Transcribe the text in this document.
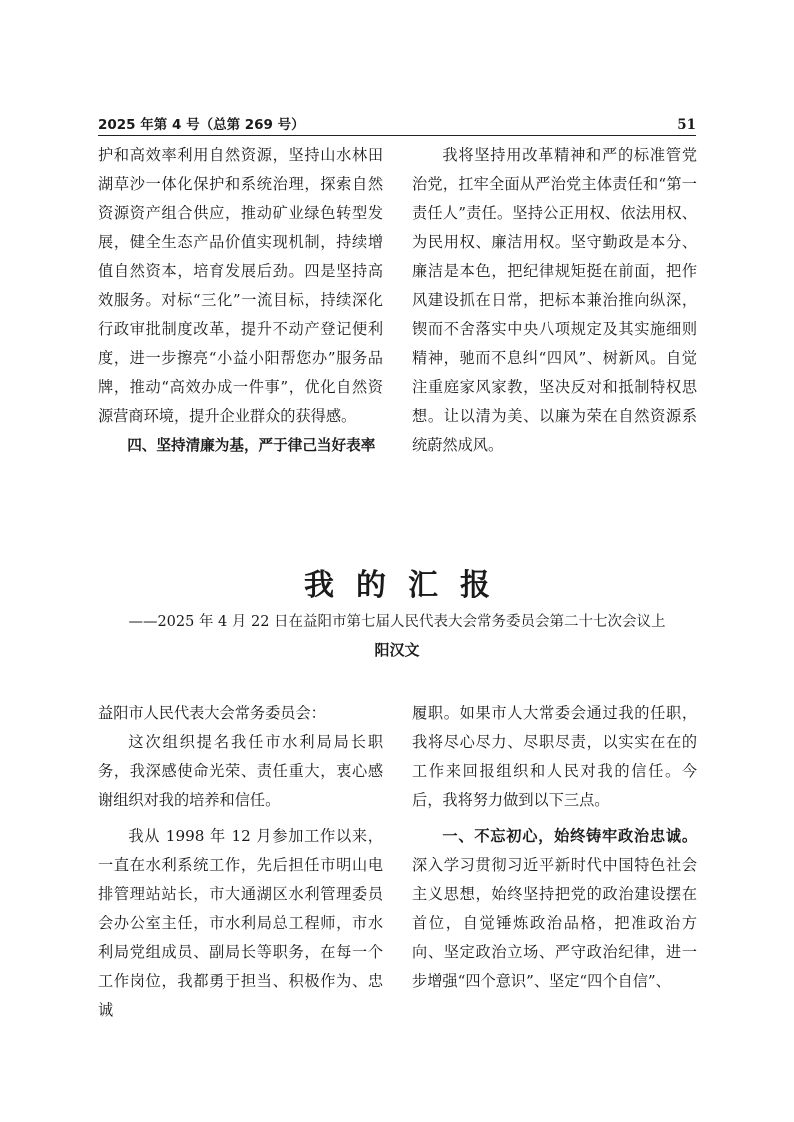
2025 年第 4 号（总第 269 号）	51

护和高效率利用自然资源，坚持山水林田湖草沙一体化保护和系统治理，探索自然资源资产组合供应，推动矿业绿色转型发展，健全生态产品价值实现机制，持续增值自然资本，培育发展后劲。四是坚持高效服务。对标“三化”一流目标，持续深化行政审批制度改革，提升不动产登记便利度，进一步擦亮“小益小阳帮您办”服务品牌，推动“高效办成一件事”，优化自然资源营商环境，提升企业群众的获得感。

四、坚持清廉为基，严于律己当好表率

我将坚持用改革精神和严的标准管党治党，扛牢全面从严治党主体责任和“第一责任人”责任。坚持公正用权、依法用权、为民用权、廉洁用权。坚守勤政是本分、廉洁是本色，把纪律规矩挺在前面，把作风建设抓在日常，把标本兼治推向纵深，锲而不舍落实中央八项规定及其实施细则精神，驰而不息纠“四风”、树新风。自觉注重庭家风家教，坚决反对和抵制特权思想。让以清为美、以廉为荣在自然资源系统蔚然成风。

我的汇报
——2025 年 4 月 22 日在益阳市第七届人民代表大会常务委员会第二十七次会议上
阳汉文

益阳市人民代表大会常务委员会：

这次组织提名我任市水利局局长职务，我深感使命光荣、责任重大，衷心感谢组织对我的培养和信任。

我从 1998 年 12 月参加工作以来，一直在水利系统工作，先后担任市明山电排管理站站长，市大通湖区水利管理委员会办公室主任，市水利局总工程师，市水利局党组成员、副局长等职务，在每一个工作岗位，我都勇于担当、积极作为、忠诚

履职。如果市人大常委会通过我的任职，我将尽心尽力、尽职尽责，以实实在在的工作来回报组织和人民对我的信任。今后，我将努力做到以下三点。

一、不忘初心，始终铸牢政治忠诚。深入学习贯彻习近平新时代中国特色社会主义思想，始终坚持把党的政治建设摆在首位，自觉锤炼政治品格，把准政治方向、坚定政治立场、严守政治纪律，进一步增强“四个意识”、坚定“四个自信”、
